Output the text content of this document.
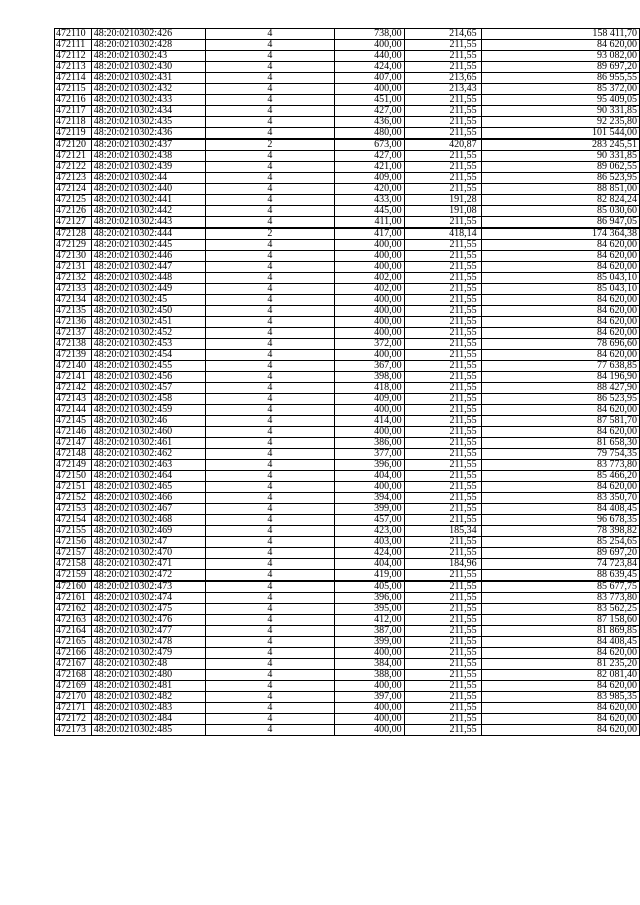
472110	48:20:0210302:426	4	738,00	214,65	158 411,70
472111	48:20:0210302:428	4	400,00	211,55	84 620,00
472112	48:20:0210302:43	4	440,00	211,55	93 082,00
472113	48:20:0210302:430	4	424,00	211,55	89 697,20
472114	48:20:0210302:431	4	407,00	213,65	86 955,55
472115	48:20:0210302:432	4	400,00	213,43	85 372,00
472116	48:20:0210302:433	4	451,00	211,55	95 409,05
472117	48:20:0210302:434	4	427,00	211,55	90 331,85
472118	48:20:0210302:435	4	436,00	211,55	92 235,80
472119	48:20:0210302:436	4	480,00	211,55	101 544,00
472120	48:20:0210302:437	2	673,00	420,87	283 245,51
472121	48:20:0210302:438	4	427,00	211,55	90 331,85
472122	48:20:0210302:439	4	421,00	211,55	89 062,55
472123	48:20:0210302:44	4	409,00	211,55	86 523,95
472124	48:20:0210302:440	4	420,00	211,55	88 851,00
472125	48:20:0210302:441	4	433,00	191,28	82 824,24
472126	48:20:0210302:442	4	445,00	191,08	85 030,60
472127	48:20:0210302:443	4	411,00	211,55	86 947,05
472128	48:20:0210302:444	2	417,00	418,14	174 364,38
472129	48:20:0210302:445	4	400,00	211,55	84 620,00
472130	48:20:0210302:446	4	400,00	211,55	84 620,00
472131	48:20:0210302:447	4	400,00	211,55	84 620,00
472132	48:20:0210302:448	4	402,00	211,55	85 043,10
472133	48:20:0210302:449	4	402,00	211,55	85 043,10
472134	48:20:0210302:45	4	400,00	211,55	84 620,00
472135	48:20:0210302:450	4	400,00	211,55	84 620,00
472136	48:20:0210302:451	4	400,00	211,55	84 620,00
472137	48:20:0210302:452	4	400,00	211,55	84 620,00
472138	48:20:0210302:453	4	372,00	211,55	78 696,60
472139	48:20:0210302:454	4	400,00	211,55	84 620,00
472140	48:20:0210302:455	4	367,00	211,55	77 638,85
472141	48:20:0210302:456	4	398,00	211,55	84 196,90
472142	48:20:0210302:457	4	418,00	211,55	88 427,90
472143	48:20:0210302:458	4	409,00	211,55	86 523,95
472144	48:20:0210302:459	4	400,00	211,55	84 620,00
472145	48:20:0210302:46	4	414,00	211,55	87 581,70
472146	48:20:0210302:460	4	400,00	211,55	84 620,00
472147	48:20:0210302:461	4	386,00	211,55	81 658,30
472148	48:20:0210302:462	4	377,00	211,55	79 754,35
472149	48:20:0210302:463	4	396,00	211,55	83 773,80
472150	48:20:0210302:464	4	404,00	211,55	85 466,20
472151	48:20:0210302:465	4	400,00	211,55	84 620,00
472152	48:20:0210302:466	4	394,00	211,55	83 350,70
472153	48:20:0210302:467	4	399,00	211,55	84 408,45
472154	48:20:0210302:468	4	457,00	211,55	96 678,35
472155	48:20:0210302:469	4	423,00	185,34	78 398,82
472156	48:20:0210302:47	4	403,00	211,55	85 254,65
472157	48:20:0210302:470	4	424,00	211,55	89 697,20
472158	48:20:0210302:471	4	404,00	184,96	74 723,84
472159	48:20:0210302:472	4	419,00	211,55	88 639,45
472160	48:20:0210302:473	4	405,00	211,55	85 677,75
472161	48:20:0210302:474	4	396,00	211,55	83 773,80
472162	48:20:0210302:475	4	395,00	211,55	83 562,25
472163	48:20:0210302:476	4	412,00	211,55	87 158,60
472164	48:20:0210302:477	4	387,00	211,55	81 869,85
472165	48:20:0210302:478	4	399,00	211,55	84 408,45
472166	48:20:0210302:479	4	400,00	211,55	84 620,00
472167	48:20:0210302:48	4	384,00	211,55	81 235,20
472168	48:20:0210302:480	4	388,00	211,55	82 081,40
472169	48:20:0210302:481	4	400,00	211,55	84 620,00
472170	48:20:0210302:482	4	397,00	211,55	83 985,35
472171	48:20:0210302:483	4	400,00	211,55	84 620,00
472172	48:20:0210302:484	4	400,00	211,55	84 620,00
472173	48:20:0210302:485	4	400,00	211,55	84 620,00
